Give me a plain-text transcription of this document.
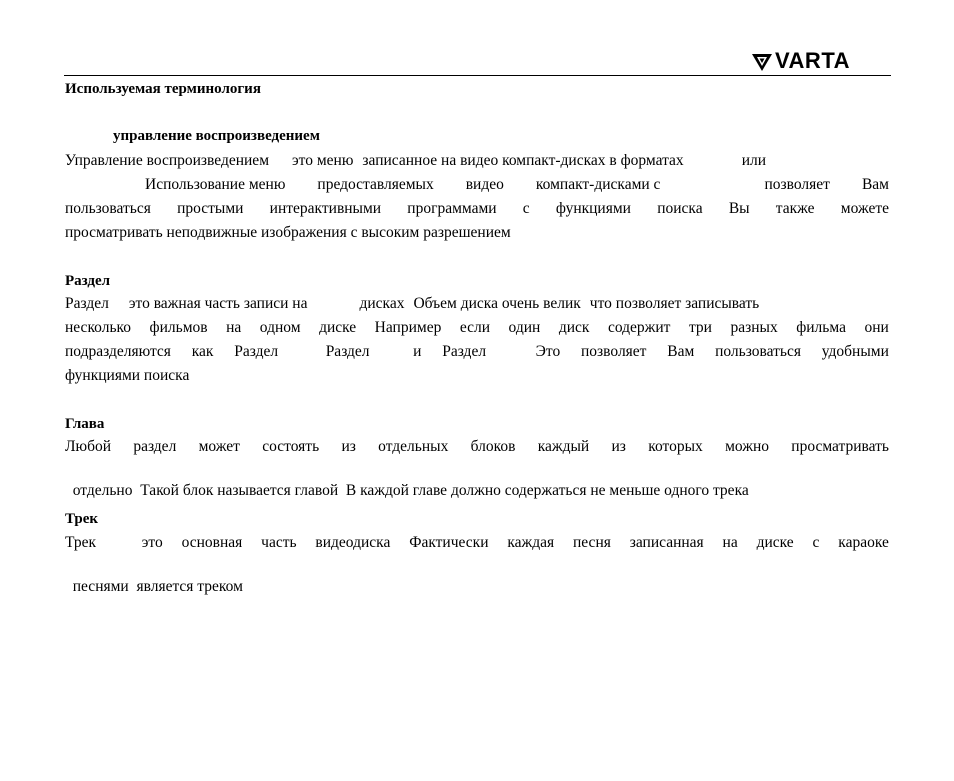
VARTA
Используемая терминология
управление воспроизведением
Управление воспроизведением это меню записанное на видео компакт-дисках в форматах	или
Использование меню предоставляемых видео компакт-дисками с	позволяет Вам
пользоваться простыми интерактивными программами с функциями поиска Вы также можете
просматривать неподвижные изображения с высоким разрешением
Раздел
Раздел это важная часть записи на	дисках Объем диска очень велик что позволяет записывать
несколько фильмов на одном диске Например если один диск содержит три разных фильма они
подразделяются как Раздел	Раздел	и Раздел	Это позволяет Вам пользоваться удобными
функциями поиска
Глава
Любой раздел может состоять из отдельных блоков каждый из которых можно просматривать

отдельно  Такой блок называется главой  В каждой главе должно содержаться не меньше одного трека

Трек
Трек	это основная часть видеодиска Фактически каждая песня записанная на диске с караоке

песнями  является треком
